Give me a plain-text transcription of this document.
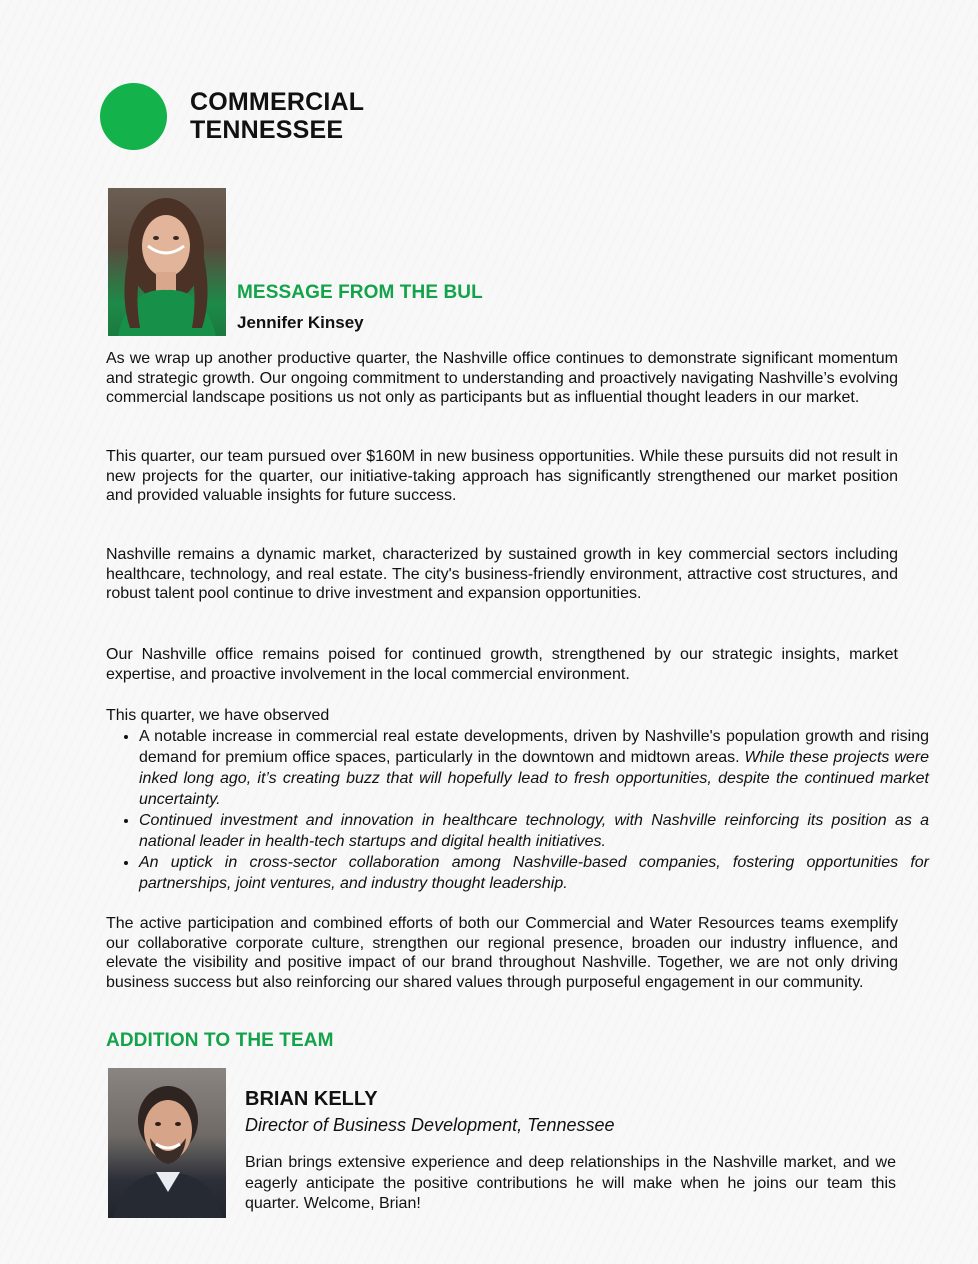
COMMERCIAL
TENNESSEE
MESSAGE FROM THE BUL
Jennifer Kinsey
As we wrap up another productive quarter, the Nashville office continues to demonstrate significant momentum and strategic growth. Our ongoing commitment to understanding and proactively navigating Nashville’s evolving commercial landscape positions us not only as participants but as influential thought leaders in our market.
This quarter, our team pursued over $160M in new business opportunities. While these pursuits did not result in new projects for the quarter, our initiative-taking approach has significantly strengthened our market position and provided valuable insights for future success.
Nashville remains a dynamic market, characterized by sustained growth in key commercial sectors including healthcare, technology, and real estate. The city's business-friendly environment, attractive cost structures, and robust talent pool continue to drive investment and expansion opportunities.
Our Nashville office remains poised for continued growth, strengthened by our strategic insights, market expertise, and proactive involvement in the local commercial environment.
This quarter, we have observed
• A notable increase in commercial real estate developments, driven by Nashville's population growth and rising demand for premium office spaces, particularly in the downtown and midtown areas. While these projects were inked long ago, it’s creating buzz that will hopefully lead to fresh opportunities, despite the continued market uncertainty.
• Continued investment and innovation in healthcare technology, with Nashville reinforcing its position as a national leader in health-tech startups and digital health initiatives.
• An uptick in cross-sector collaboration among Nashville-based companies, fostering opportunities for partnerships, joint ventures, and industry thought leadership.
The active participation and combined efforts of both our Commercial and Water Resources teams exemplify our collaborative corporate culture, strengthen our regional presence, broaden our industry influence, and elevate the visibility and positive impact of our brand throughout Nashville. Together, we are not only driving business success but also reinforcing our shared values through purposeful engagement in our community.
ADDITION TO THE TEAM
BRIAN KELLY
Director of Business Development, Tennessee
Brian brings extensive experience and deep relationships in the Nashville market, and we eagerly anticipate the positive contributions he will make when he joins our team this quarter. Welcome, Brian!
